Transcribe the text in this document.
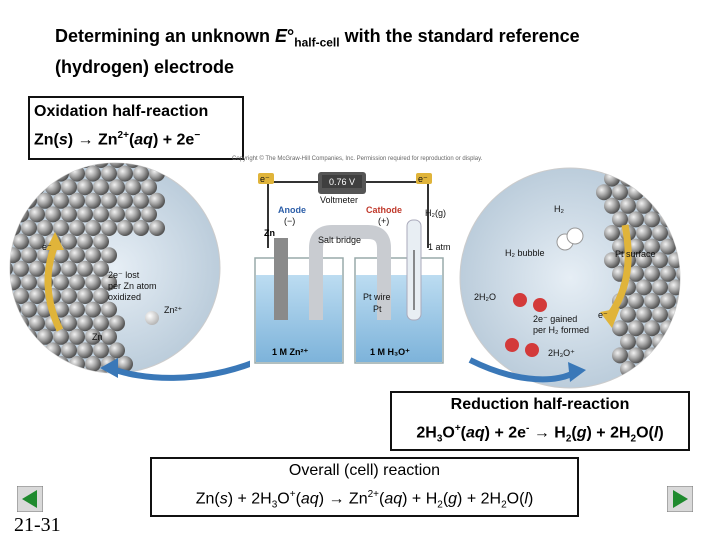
Determining an unknown $E^\circ_{half-cell}$ with the standard reference
(hydrogen) electrode
Oxidation half-reaction
$Zn(s) \to Zn^{2+}(aq) + 2e^-$
Copyright © The McGraw-Hill Companies, Inc. Permission required for reproduction or display.
e⁻
2e⁻ lost
per Zn atom
oxidized
Zn²⁺
Zn
H₂
H₂ bubble	Pt surface
2H₂O
2e⁻ gained
per H₂ formed
e⁻
2H₃O⁺
e⁻	e⁻
0.76 V
Voltmeter
Anode
(−)
Cathode
(+)
H₂(g)
1 atm
Salt bridge
Zn
Pt wire
Pt
1 M Zn²⁺	1 M H₃O⁺
Reduction half-reaction
$2H_3O^+(aq) + 2e^- \to H_2(g) + 2H_2O(l)$
Overall (cell) reaction
$Zn(s) + 2H_3O^+(aq) \to Zn^{2+}(aq) + H_2(g) + 2H_2O(l)$
21-31
